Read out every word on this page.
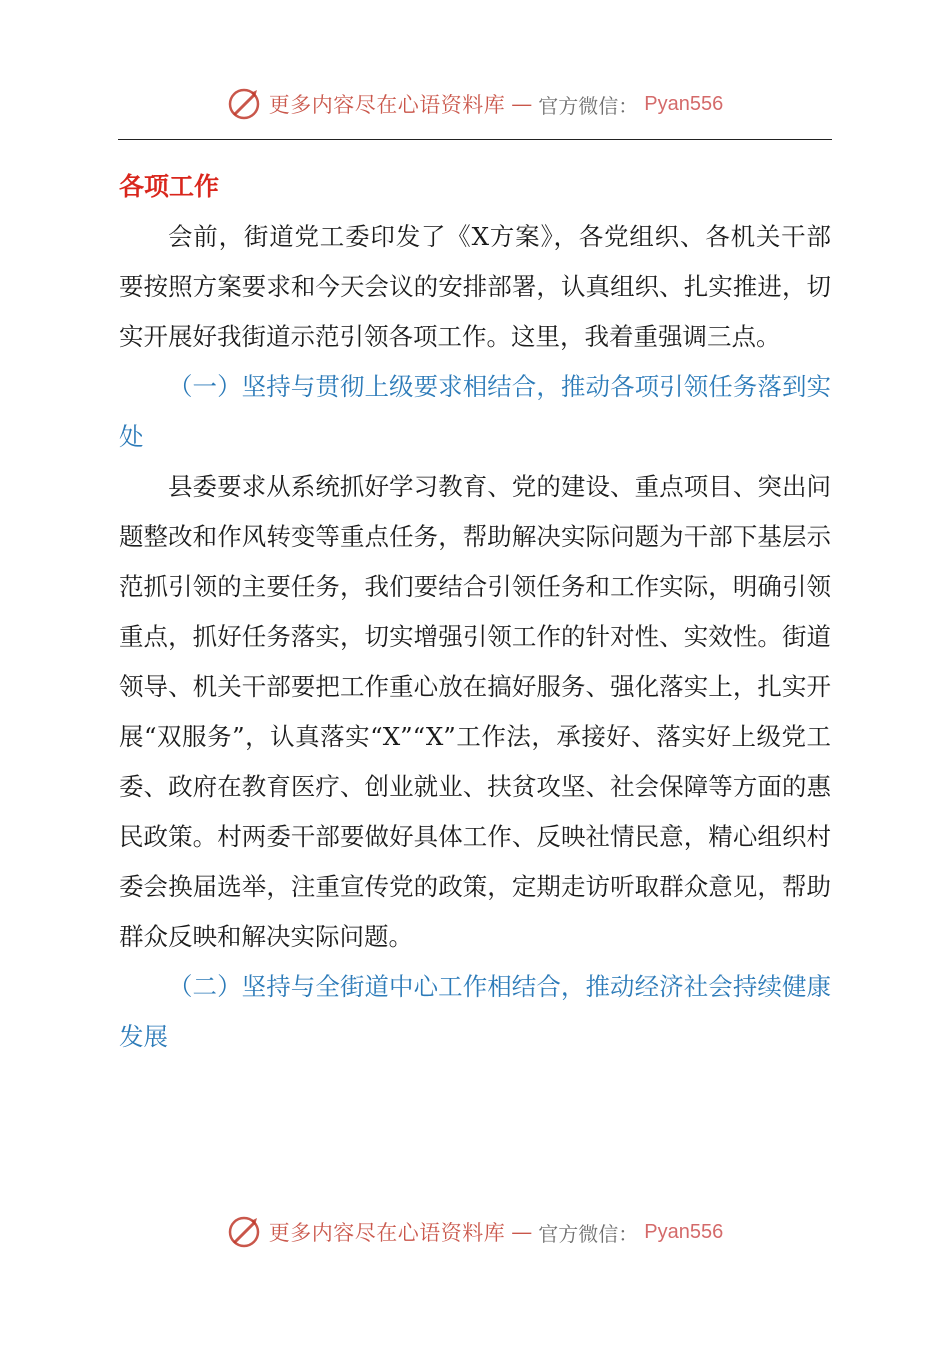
更多内容尽在心语资料库 — 官方微信： Pyan556

各项工作

会前，街道党工委印发了《X方案》，各党组织、各机关干部要按照方案要求和今天会议的安排部署，认真组织、扎实推进，切实开展好我街道示范引领各项工作。这里，我着重强调三点。

（一）坚持与贯彻上级要求相结合，推动各项引领任务落到实处

县委要求从系统抓好学习教育、党的建设、重点项目、突出问题整改和作风转变等重点任务，帮助解决实际问题为干部下基层示范抓引领的主要任务，我们要结合引领任务和工作实际，明确引领重点，抓好任务落实，切实增强引领工作的针对性、实效性。街道领导、机关干部要把工作重心放在搞好服务、强化落实上，扎实开展“双服务”，认真落实“X”“X”工作法，承接好、落实好上级党工委、政府在教育医疗、创业就业、扶贫攻坚、社会保障等方面的惠民政策。村两委干部要做好具体工作、反映社情民意，精心组织村委会换届选举，注重宣传党的政策，定期走访听取群众意见，帮助群众反映和解决实际问题。

（二）坚持与全街道中心工作相结合，推动经济社会持续健康发展

更多内容尽在心语资料库 — 官方微信： Pyan556
